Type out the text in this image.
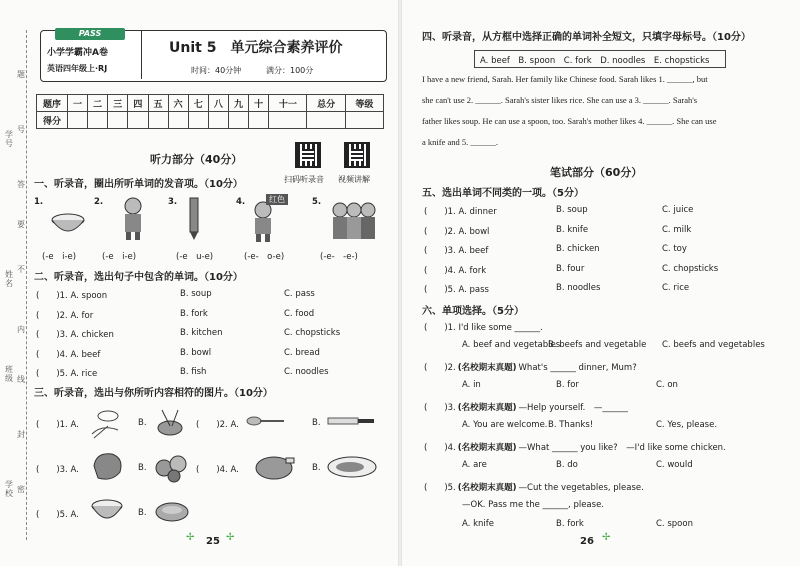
学号
班级
姓名
学校
题
号
答
要
不
内
线
封
密
PASS
小学学霸冲A卷
英语四年级上·RJ
Unit 5　单元综合素养评价
时间：40分钟	满分：100分
题序	一	二	三	四	五	六	七	八	九	十	十一	总分	等级
得分													
听力部分（40分）
扫码听录音 视频讲解
一、听录音，圈出所听单词的发音项。（10分）
1.
(-e　i-e)
2.
(-e　i-e)
3.
(-e　u-e)
4.
(-e-　o-e)
5.
(-e-　-e-)
红色
二、听录音，选出句子中包含的单词。（10分）
(　　)1. A. spoon	B. soup	C. pass
(　　)2. A. for	B. fork	C. food
(　　)3. A. chicken	B. kitchen	C. chopsticks
(　　)4. A. beef	B. bowl	C. bread
(　　)5. A. rice	B. fish	C. noodles
三、听录音，选出与你所听内容相符的图片。（10分）
(　　)1. A.	B.	(　　)2. A.	B.
(　　)3. A.	B.	(　　)4. A.	B.
(　　)5. A.	B.
25
✢	✢
四、听录音，从方框中选择正确的单词补全短文，只填字母标号。（10分）
A. beef　B. spoon　C. fork　D. noodles　E. chopsticks
I have a new friend, Sarah. Her family like Chinese food. Sarah likes 1. ______, but
she can't use 2. ______. Sarah's sister likes rice. She can use a 3. ______. Sarah's
father likes soup. He can use a spoon, too. Sarah's mother likes 4. ______. She can use
a knife and 5. ______.
笔试部分（60分）
五、选出单词不同类的一项。（5分）
(　　)1. A. dinner	B. soup	C. juice
(　　)2. A. bowl	B. knife	C. milk
(　　)3. A. beef	B. chicken	C. toy
(　　)4. A. fork	B. four	C. chopsticks
(　　)5. A. pass	B. noodles	C. rice
六、单项选择。（5分）
(　　)1. I'd like some ______.
A. beef and vegetables
B. beefs and vegetable C. beefs and vegetables
(　　)2. (名校期末真题) What's ______ dinner, Mum?
A. in	B. for	C. on
(　　)3. (名校期末真题) —Help yourself.　—______
A. You are welcome. B. Thanks!	C. Yes, please.
(　　)4. (名校期末真题) —What ______ you like?　—I'd like some chicken.
A. are	B. do	C. would
(　　)5. (名校期末真题) —Cut the vegetables, please.
—OK. Pass me the ______, please.
A. knife	B. fork	C. spoon
26 ✢
